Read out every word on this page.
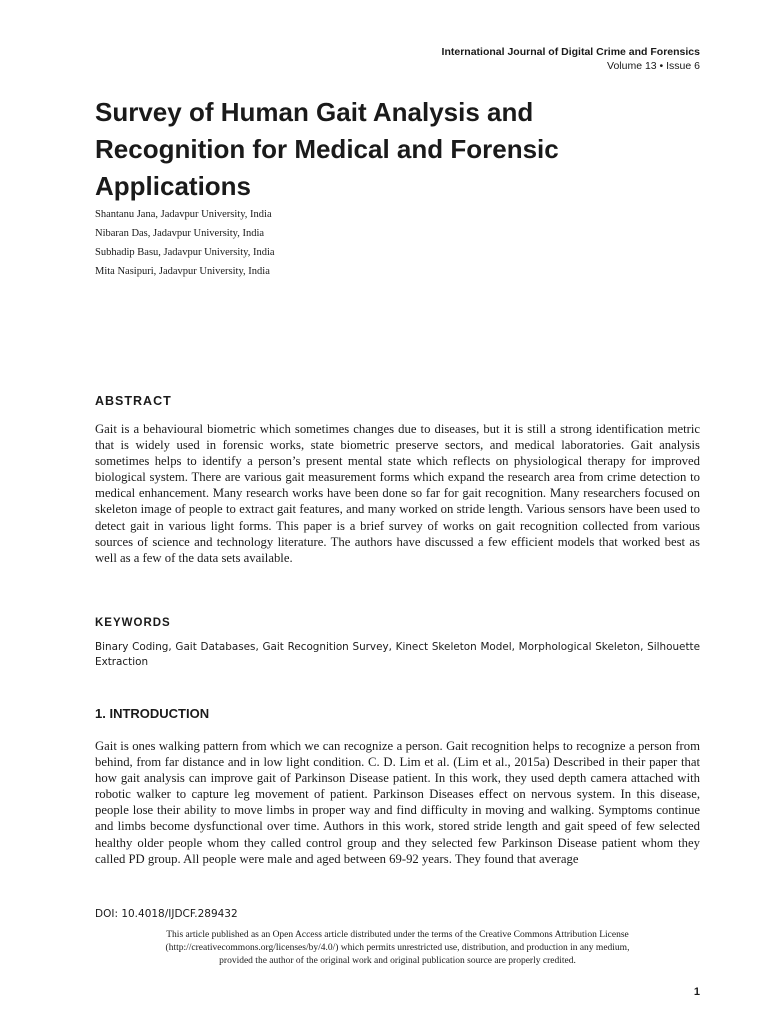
International Journal of Digital Crime and Forensics
Volume 13 • Issue 6
Survey of Human Gait Analysis and Recognition for Medical and Forensic Applications
Shantanu Jana, Jadavpur University, India
Nibaran Das, Jadavpur University, India
Subhadip Basu, Jadavpur University, India
Mita Nasipuri, Jadavpur University, India
ABSTRACT

Gait is a behavioural biometric which sometimes changes due to diseases, but it is still a strong identification metric that is widely used in forensic works, state biometric preserve sectors, and medical laboratories. Gait analysis sometimes helps to identify a person’s present mental state which reflects on physiological therapy for improved biological system. There are various gait measurement forms which expand the research area from crime detection to medical enhancement. Many research works have been done so far for gait recognition. Many researchers focused on skeleton image of people to extract gait features, and many worked on stride length. Various sensors have been used to detect gait in various light forms. This paper is a brief survey of works on gait recognition collected from various sources of science and technology literature. The authors have discussed a few efficient models that worked best as well as a few of the data sets available.

KEYWORDS

Binary Coding, Gait Databases, Gait Recognition Survey, Kinect Skeleton Model, Morphological Skeleton, Silhouette Extraction

1. INTRODUCTION

Gait is ones walking pattern from which we can recognize a person. Gait recognition helps to recognize a person from behind, from far distance and in low light condition. C. D. Lim et al. (Lim et al., 2015a) Described in their paper that how gait analysis can improve gait of Parkinson Disease patient. In this work, they used depth camera attached with robotic walker to capture leg movement of patient. Parkinson Diseases effect on nervous system. In this disease, people lose their ability to move limbs in proper way and find difficulty in moving and walking. Symptoms continue and limbs become dysfunctional over time. Authors in this work, stored stride length and gait speed of few selected healthy older people whom they called control group and they selected few Parkinson Disease patient whom they called PD group. All people were male and aged between 69-92 years. They found that average

DOI: 10.4018/IJDCF.289432
This article published as an Open Access article distributed under the terms of the Creative Commons Attribution License
(http://creativecommons.org/licenses/by/4.0/) which permits unrestricted use, distribution, and production in any medium,
provided the author of the original work and original publication source are properly credited.
1
